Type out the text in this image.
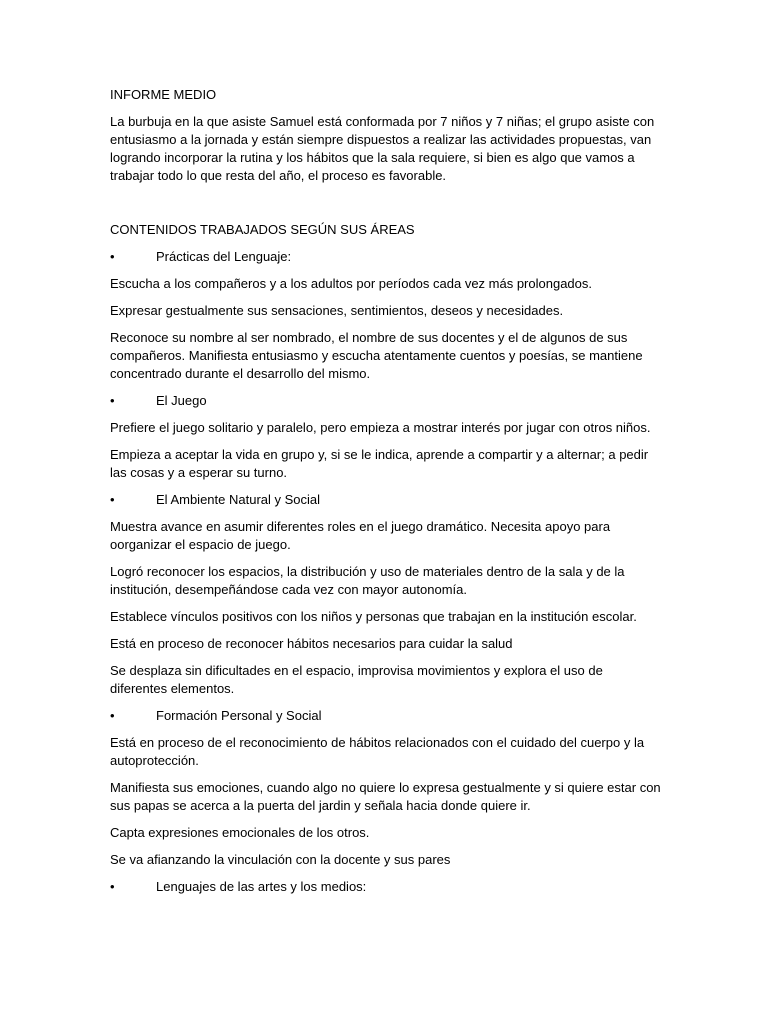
INFORME MEDIO

La burbuja en la que asiste Samuel está conformada por 7 niños y 7 niñas; el grupo asiste con entusiasmo a la jornada y están siempre dispuestos a realizar las actividades propuestas, van logrando incorporar la rutina y los hábitos que la sala requiere, si bien es algo que vamos a trabajar todo lo que resta del año, el proceso es favorable.

CONTENIDOS TRABAJADOS SEGÚN SUS ÁREAS

•	Prácticas del Lenguaje:

Escucha a los compañeros y a los adultos por períodos cada vez más prolongados.

Expresar gestualmente sus sensaciones, sentimientos, deseos y necesidades.

Reconoce su nombre al ser nombrado, el nombre de sus docentes y el de algunos de sus compañeros. Manifiesta entusiasmo y escucha atentamente cuentos y poesías, se mantiene concentrado durante el desarrollo del mismo.

•	El Juego

Prefiere el juego solitario y paralelo, pero empieza a mostrar interés por jugar con otros niños.

Empieza a aceptar la vida en grupo y, si se le indica, aprende a compartir y a alternar; a pedir las cosas y a esperar su turno.

•	El Ambiente Natural y Social

Muestra avance en asumir diferentes roles en el juego dramático. Necesita apoyo para oorganizar el espacio de juego.

Logró reconocer los espacios, la distribución y uso de materiales dentro de la sala y de la institución, desempeñándose cada vez con mayor autonomía.

Establece vínculos positivos con los niños y personas que trabajan en la institución escolar.

Está en proceso de reconocer hábitos necesarios para cuidar la salud

Se desplaza sin dificultades en el espacio, improvisa movimientos y explora el uso de diferentes elementos.

•	Formación Personal y Social

Está en proceso de el reconocimiento de hábitos relacionados con el cuidado del cuerpo y la autoprotección.

Manifiesta sus emociones, cuando algo no quiere lo expresa gestualmente y si quiere estar con sus papas se acerca a la puerta del jardin y señala hacia donde quiere ir.

Capta expresiones emocionales de los otros.

Se va afianzando la vinculación con la docente y sus pares

•	Lenguajes de las artes y los medios:
